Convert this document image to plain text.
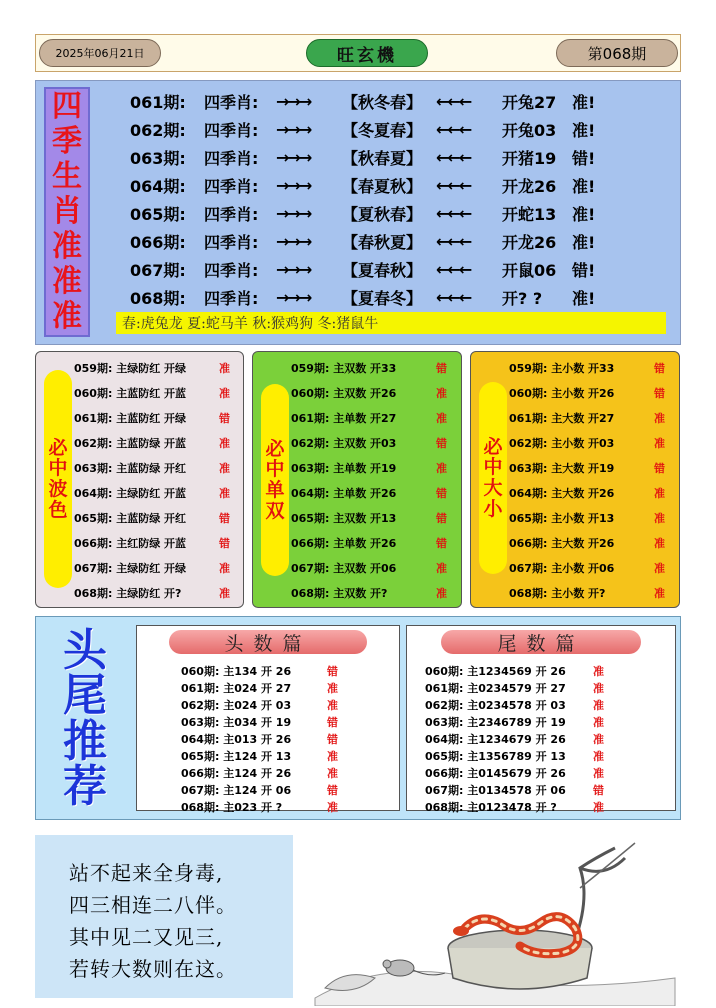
2025年06月21日	旺玄機	第068期
四
季
生
肖
准
准
准
061期:	四季肖:	→→→	【秋冬春】 ←←←	开兔27 准!
062期:	四季肖:	→→→	【冬夏春】 ←←←	开兔03 准!
063期:	四季肖:	→→→	【秋春夏】 ←←←	开猪19 错!
064期:	四季肖:	→→→	【春夏秋】 ←←←	开龙26 准!
065期:	四季肖:	→→→	【夏秋春】 ←←←	开蛇13 准!
066期:	四季肖:	→→→	【春秋夏】 ←←←	开龙26 准!
067期:	四季肖:	→→→	【夏春秋】 ←←←	开鼠06 错!
068期:	四季肖:	→→→	【夏春冬】 ←←←	开? ?	准!
春:虎兔龙 夏:蛇马羊 秋:猴鸡狗 冬:猪鼠牛
必
中
波
色
059期: 主绿防红 开绿	准
060期: 主蓝防红 开蓝	准
061期: 主蓝防红 开绿	错
062期: 主蓝防绿 开蓝	准
063期: 主蓝防绿 开红	准
064期: 主绿防红 开蓝	准
065期: 主蓝防绿 开红	错
066期: 主红防绿 开蓝	错
067期: 主绿防红 开绿	准
068期: 主绿防红 开?	准
必
中
单
双
059期: 主双数 开33	错
060期: 主双数 开26	准
061期: 主单数 开27	准
062期: 主双数 开03	错
063期: 主单数 开19	准
064期: 主单数 开26	错
065期: 主双数 开13	错
066期: 主单数 开26	错
067期: 主双数 开06	准
068期: 主双数 开?	准
必
中
大
小
059期: 主小数 开33	错
060期: 主小数 开26	错
061期: 主大数 开27	准
062期: 主小数 开03	准
063期: 主大数 开19	错
064期: 主大数 开26	准
065期: 主小数 开13	准
066期: 主大数 开26	准
067期: 主小数 开06	准
068期: 主小数 开?	准
头
尾
推
荐
头数篇
060期: 主134 开 26	错
061期: 主024 开 27	准
062期: 主024 开 03	准
063期: 主034 开 19	错
064期: 主013 开 26	错
065期: 主124 开 13	准
066期: 主124 开 26	准
067期: 主124 开 06	错
068期: 主023 开 ?	准
尾数篇
060期: 主1234569 开 26	准
061期: 主0234579 开 27	准
062期: 主0234578 开 03	准
063期: 主2346789 开 19	准
064期: 主1234679 开 26	准
065期: 主1356789 开 13	准
066期: 主0145679 开 26	准
067期: 主0134578 开 06	错
068期: 主0123478 开 ?	准
站不起来全身毒,
四三相连二八伴。
其中见二又见三,
若转大数则在这。
